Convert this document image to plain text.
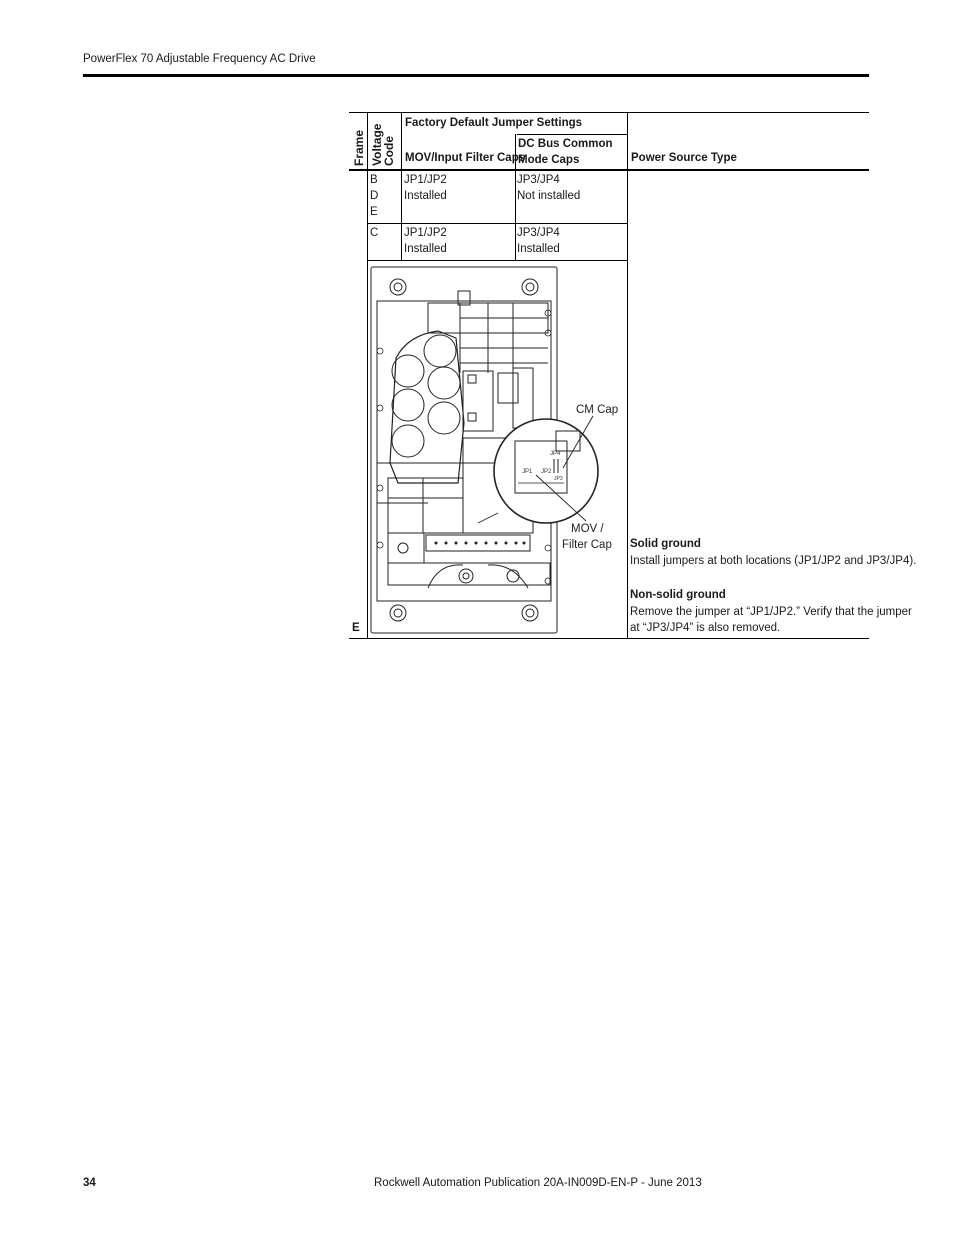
PowerFlex 70 Adjustable Frequency AC Drive
Frame Voltage Code
Factory Default Jumper Settings
MOV/Input Filter Caps
DC Bus Common Mode Caps	Power Source Type
B
D
E
JP1/JP2
Installed
JP3/JP4
Not installed
C JP1/JP2
Installed
JP3/JP4
Installed
E
Solid ground
Install jumpers at both locations (JP1/JP2 and JP3/JP4).
Non-solid ground
Remove the jumper at “JP1/JP2.” Verify that the jumper
at “JP3/JP4” is also removed.
JP4
JP1 JP2
JP3
CM Cap
MOV /
Filter Cap
34	Rockwell Automation Publication 20A-IN009D-EN-P - June 2013
